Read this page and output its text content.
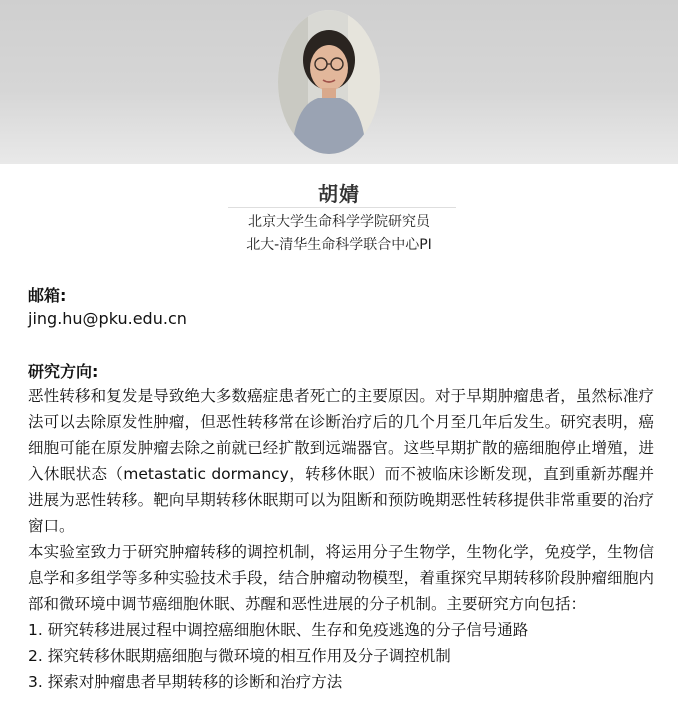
胡婧
北京大学生命科学学院研究员
北大-清华生命科学联合中心PI
邮箱:
jing.hu@pku.edu.cn
研究方向:

恶性转移和复发是导致绝大多数癌症患者死亡的主要原因。对于早期肿瘤患者，虽然标准疗法可以去除原发性肿瘤，但恶性转移常在诊断治疗后的几个月至几年后发生。研究表明，癌细胞可能在原发肿瘤去除之前就已经扩散到远端器官。这些早期扩散的癌细胞停止增殖，进入休眠状态（metastatic dormancy，转移休眠）而不被临床诊断发现，直到重新苏醒并进展为恶性转移。靶向早期转移休眠期可以为阻断和预防晚期恶性转移提供非常重要的治疗窗口。

本实验室致力于研究肿瘤转移的调控机制，将运用分子生物学，生物化学，免疫学，生物信息学和多组学等多种实验技术手段，结合肿瘤动物模型，着重探究早期转移阶段肿瘤细胞内部和微环境中调节癌细胞休眠、苏醒和恶性进展的分子机制。主要研究方向包括：

1. 研究转移进展过程中调控癌细胞休眠、生存和免疫逃逸的分子信号通路

2. 探究转移休眠期癌细胞与微环境的相互作用及分子调控机制

3. 探索对肿瘤患者早期转移的诊断和治疗方法
